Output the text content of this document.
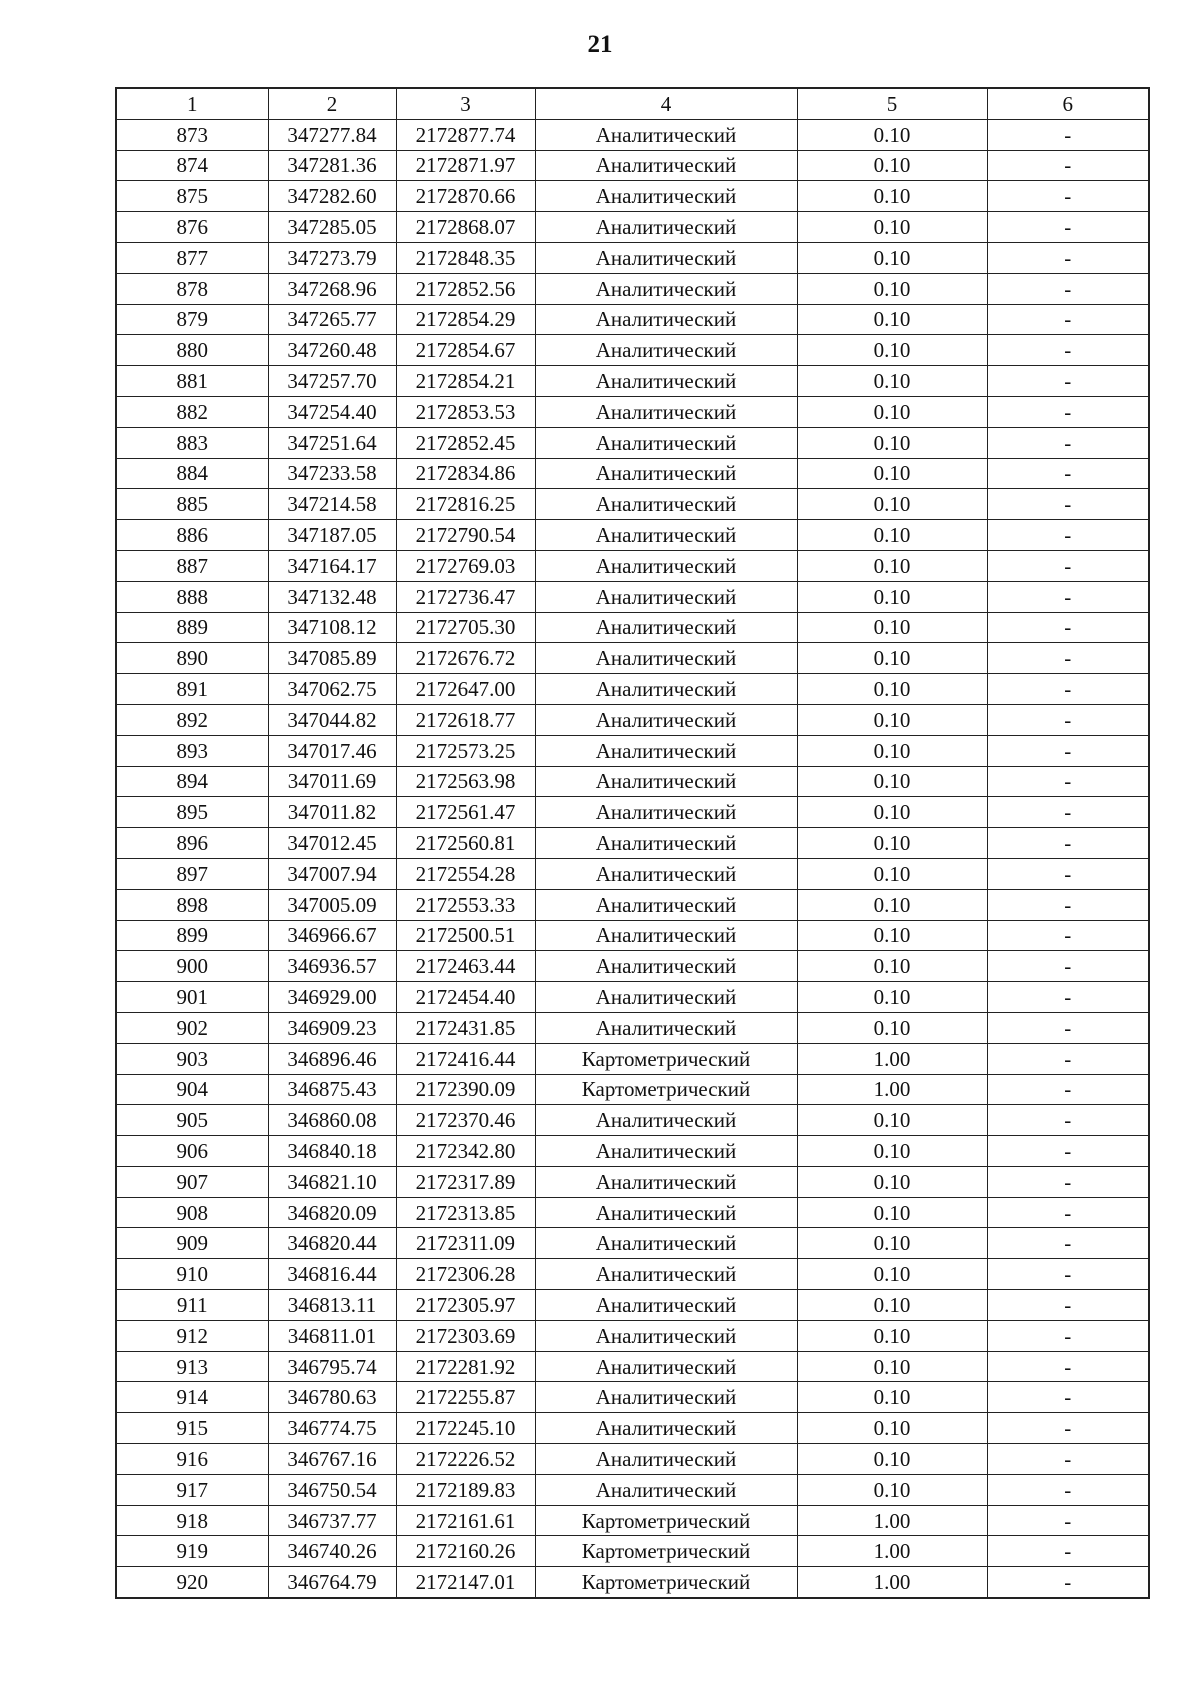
21
1	2	3	4	5	6
873	347277.84	2172877.74	Аналитический	0.10	-
874	347281.36	2172871.97	Аналитический	0.10	-
875	347282.60	2172870.66	Аналитический	0.10	-
876	347285.05	2172868.07	Аналитический	0.10	-
877	347273.79	2172848.35	Аналитический	0.10	-
878	347268.96	2172852.56	Аналитический	0.10	-
879	347265.77	2172854.29	Аналитический	0.10	-
880	347260.48	2172854.67	Аналитический	0.10	-
881	347257.70	2172854.21	Аналитический	0.10	-
882	347254.40	2172853.53	Аналитический	0.10	-
883	347251.64	2172852.45	Аналитический	0.10	-
884	347233.58	2172834.86	Аналитический	0.10	-
885	347214.58	2172816.25	Аналитический	0.10	-
886	347187.05	2172790.54	Аналитический	0.10	-
887	347164.17	2172769.03	Аналитический	0.10	-
888	347132.48	2172736.47	Аналитический	0.10	-
889	347108.12	2172705.30	Аналитический	0.10	-
890	347085.89	2172676.72	Аналитический	0.10	-
891	347062.75	2172647.00	Аналитический	0.10	-
892	347044.82	2172618.77	Аналитический	0.10	-
893	347017.46	2172573.25	Аналитический	0.10	-
894	347011.69	2172563.98	Аналитический	0.10	-
895	347011.82	2172561.47	Аналитический	0.10	-
896	347012.45	2172560.81	Аналитический	0.10	-
897	347007.94	2172554.28	Аналитический	0.10	-
898	347005.09	2172553.33	Аналитический	0.10	-
899	346966.67	2172500.51	Аналитический	0.10	-
900	346936.57	2172463.44	Аналитический	0.10	-
901	346929.00	2172454.40	Аналитический	0.10	-
902	346909.23	2172431.85	Аналитический	0.10	-
903	346896.46	2172416.44	Картометрический	1.00	-
904	346875.43	2172390.09	Картометрический	1.00	-
905	346860.08	2172370.46	Аналитический	0.10	-
906	346840.18	2172342.80	Аналитический	0.10	-
907	346821.10	2172317.89	Аналитический	0.10	-
908	346820.09	2172313.85	Аналитический	0.10	-
909	346820.44	2172311.09	Аналитический	0.10	-
910	346816.44	2172306.28	Аналитический	0.10	-
911	346813.11	2172305.97	Аналитический	0.10	-
912	346811.01	2172303.69	Аналитический	0.10	-
913	346795.74	2172281.92	Аналитический	0.10	-
914	346780.63	2172255.87	Аналитический	0.10	-
915	346774.75	2172245.10	Аналитический	0.10	-
916	346767.16	2172226.52	Аналитический	0.10	-
917	346750.54	2172189.83	Аналитический	0.10	-
918	346737.77	2172161.61	Картометрический	1.00	-
919	346740.26	2172160.26	Картометрический	1.00	-
920	346764.79	2172147.01	Картометрический	1.00	-
